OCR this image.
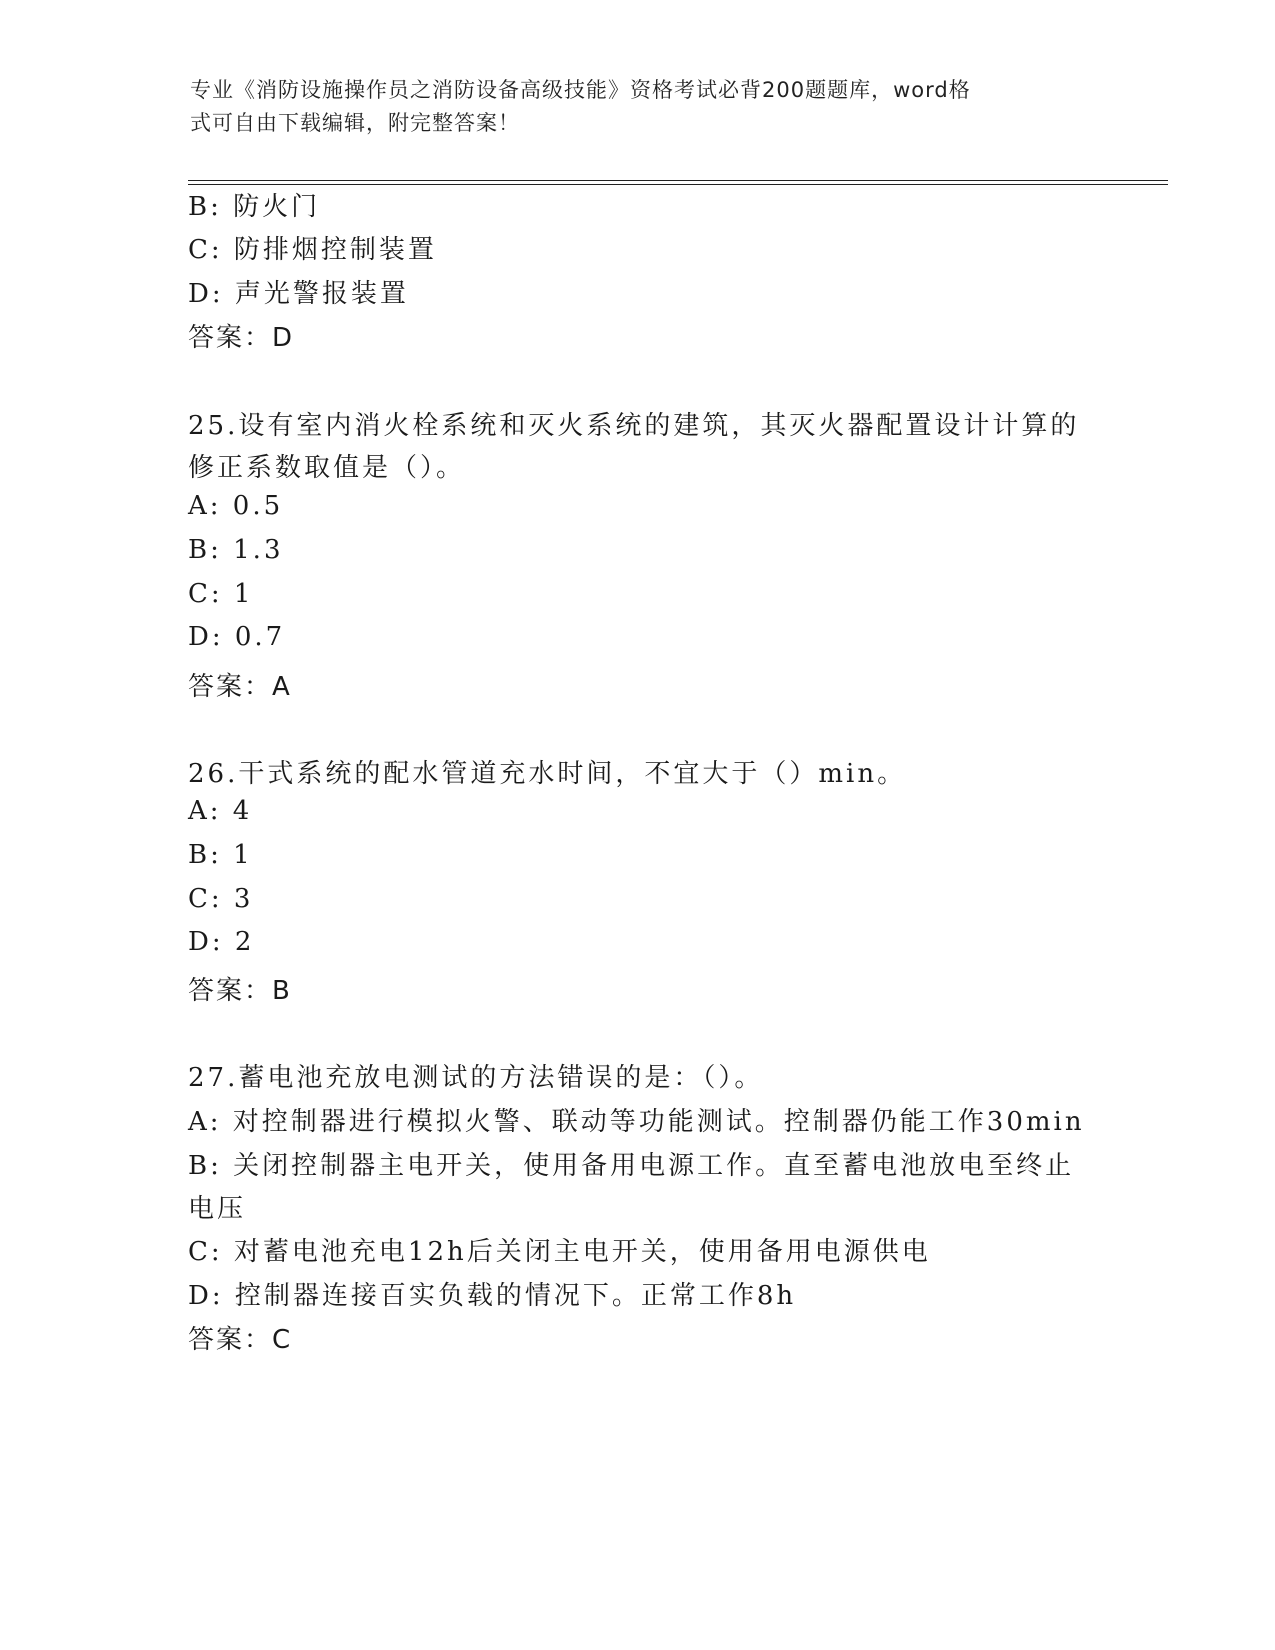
专业《消防设施操作员之消防设备高级技能》资格考试必背200题题库，word格
式可自由下载编辑，附完整答案！
B: 防火门
C: 防排烟控制装置
D: 声光警报装置
答案：D
25.设有室内消火栓系统和灭火系统的建筑，其灭火器配置设计计算的
修正系数取值是（）。
A: 0.5
B: 1.3
C: 1
D: 0.7
答案：A
26.干式系统的配水管道充水时间，不宜大于（）min。
A: 4
B: 1
C: 3
D: 2
答案：B
27.蓄电池充放电测试的方法错误的是：（）。
A: 对控制器进行模拟火警、联动等功能测试。控制器仍能工作30min
B: 关闭控制器主电开关，使用备用电源工作。直至蓄电池放电至终止
电压
C: 对蓄电池充电12h后关闭主电开关，使用备用电源供电
D: 控制器连接百实负载的情况下。正常工作8h
答案：C
